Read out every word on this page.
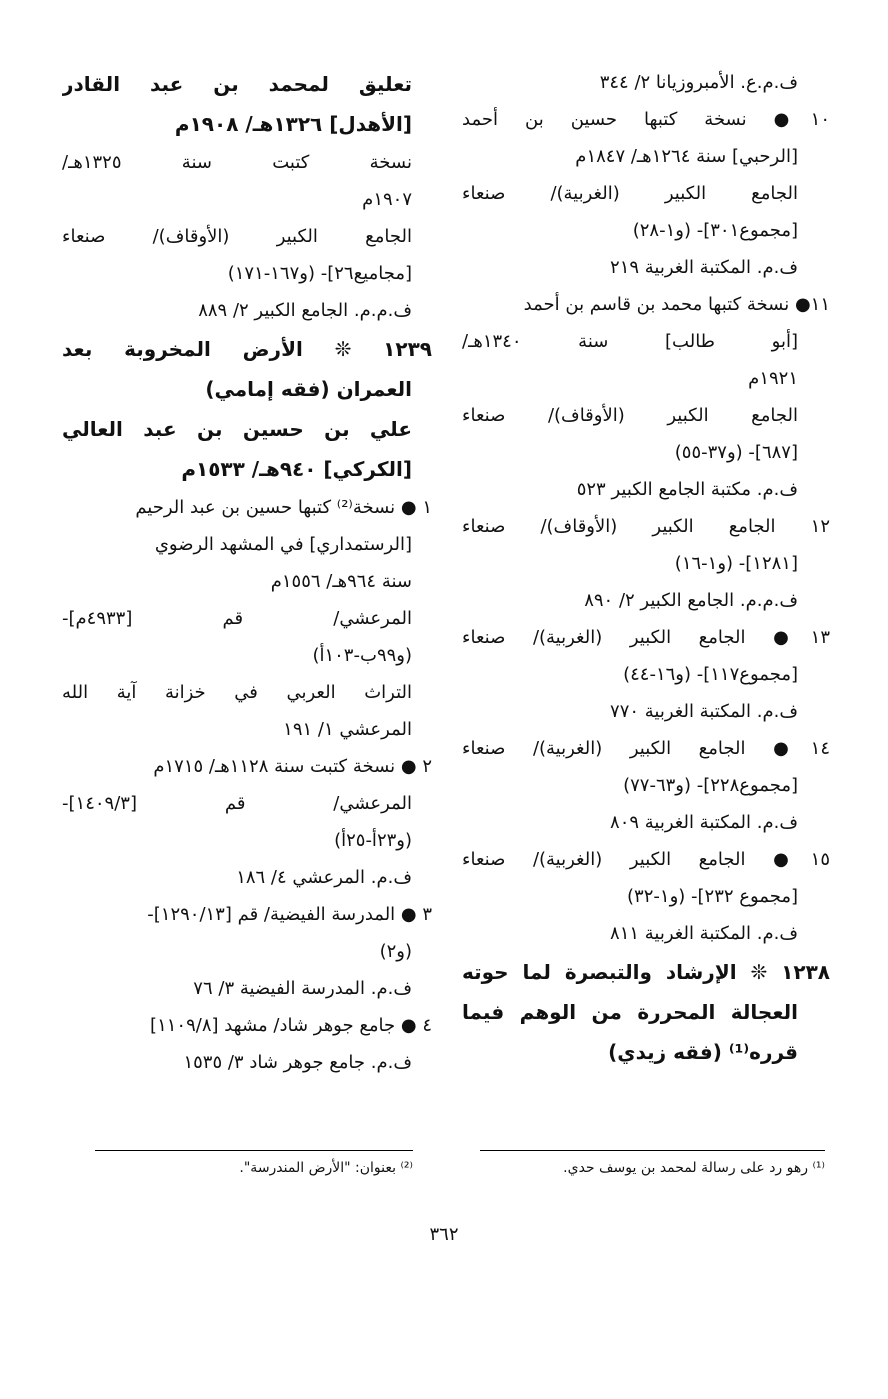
ف.م.ع. الأمبروزيانا ٢/ ٣٤٤
١٠● نسخة كتبها حسين بن أحمد
[الرحبي] سنة ١٢٦٤هـ/ ١٨٤٧م
الجامع الكبير (الغربية)/ صنعاء
[مجموع٣٠١]- (و١-٢٨)
ف.م. المكتبة الغربية ٢١٩
١١● نسخة كتبها محمد بن قاسم بن أحمد
[أبو طالب] سنة ١٣٤٠هـ/
١٩٢١م
الجامع الكبير (الأوقاف)/ صنعاء
[٦٨٧]- (و٣٧-٥٥)
ف.م. مكتبة الجامع الكبير ٥٢٣
١٢ الجامع الكبير (الأوقاف)/ صنعاء
[١٢٨١]- (و١-١٦)
ف.م.م. الجامع الكبير ٢/ ٨٩٠
١٣● الجامع الكبير (الغربية)/ صنعاء
[مجموع١١٧]- (و١٦-٤٤)
ف.م. المكتبة الغربية ٧٧٠
١٤● الجامع الكبير (الغربية)/ صنعاء
[مجموع٢٢٨]- (و٦٣-٧٧)
ف.م. المكتبة الغربية ٨٠٩
١٥● الجامع الكبير (الغربية)/ صنعاء
[مجموع ٢٣٢]- (و١-٣٢)
ف.م. المكتبة الغربية ٨١١
١٢٣٨ ❊ الإرشاد والتبصرة لما حوته
العجالة المحررة من الوهم فيما
قرره⁽¹⁾ (فقه زيدي)
تعليق لمحمد بن عبد القادر
[الأهدل] ١٣٢٦هـ/ ١٩٠٨م
نسخة كتبت سنة ١٣٢٥هـ/
١٩٠٧م
الجامع الكبير (الأوقاف)/ صنعاء
[مجاميع٢٦]- (و١٦٧-١٧١)
ف.م.م. الجامع الكبير ٢/ ٨٨٩
١٢٣٩ ❊ الأرض المخروبة بعد
العمران (فقه إمامي)
علي بن حسين بن عبد العالي
[الكركي] ٩٤٠هـ/ ١٥٣٣م
١ ● نسخة⁽²⁾ كتبها حسين بن عبد الرحيم
[الرستمداري] في المشهد الرضوي
سنة ٩٦٤هـ/ ١٥٥٦م
المرعشي/ قم [٤٩٣٣م]-
(و٩٩ب-١٠٣أ)
التراث العربي في خزانة آية الله
المرعشي ١/ ١٩١
٢ ● نسخة كتبت سنة ١١٢٨هـ/ ١٧١٥م
المرعشي/ قم [١٤٠٩/٣]-
(و٢٣أ-٢٥أ)
ف.م. المرعشي ٤/ ١٨٦
٣ ● المدرسة الفيضية/ قم [١٢٩٠/١٣]-
(و٢)
ف.م. المدرسة الفيضية ٣/ ٧٦
٤ ● جامع جوهر شاد/ مشهد [١١٠٩/٨]
ف.م. جامع جوهر شاد ٣/ ١٥٣٥
⁽¹⁾ رهو رد على رسالة لمحمد بن يوسف حدي.
⁽²⁾ بعنوان: "الأرض المندرسة".
٣٦٢
